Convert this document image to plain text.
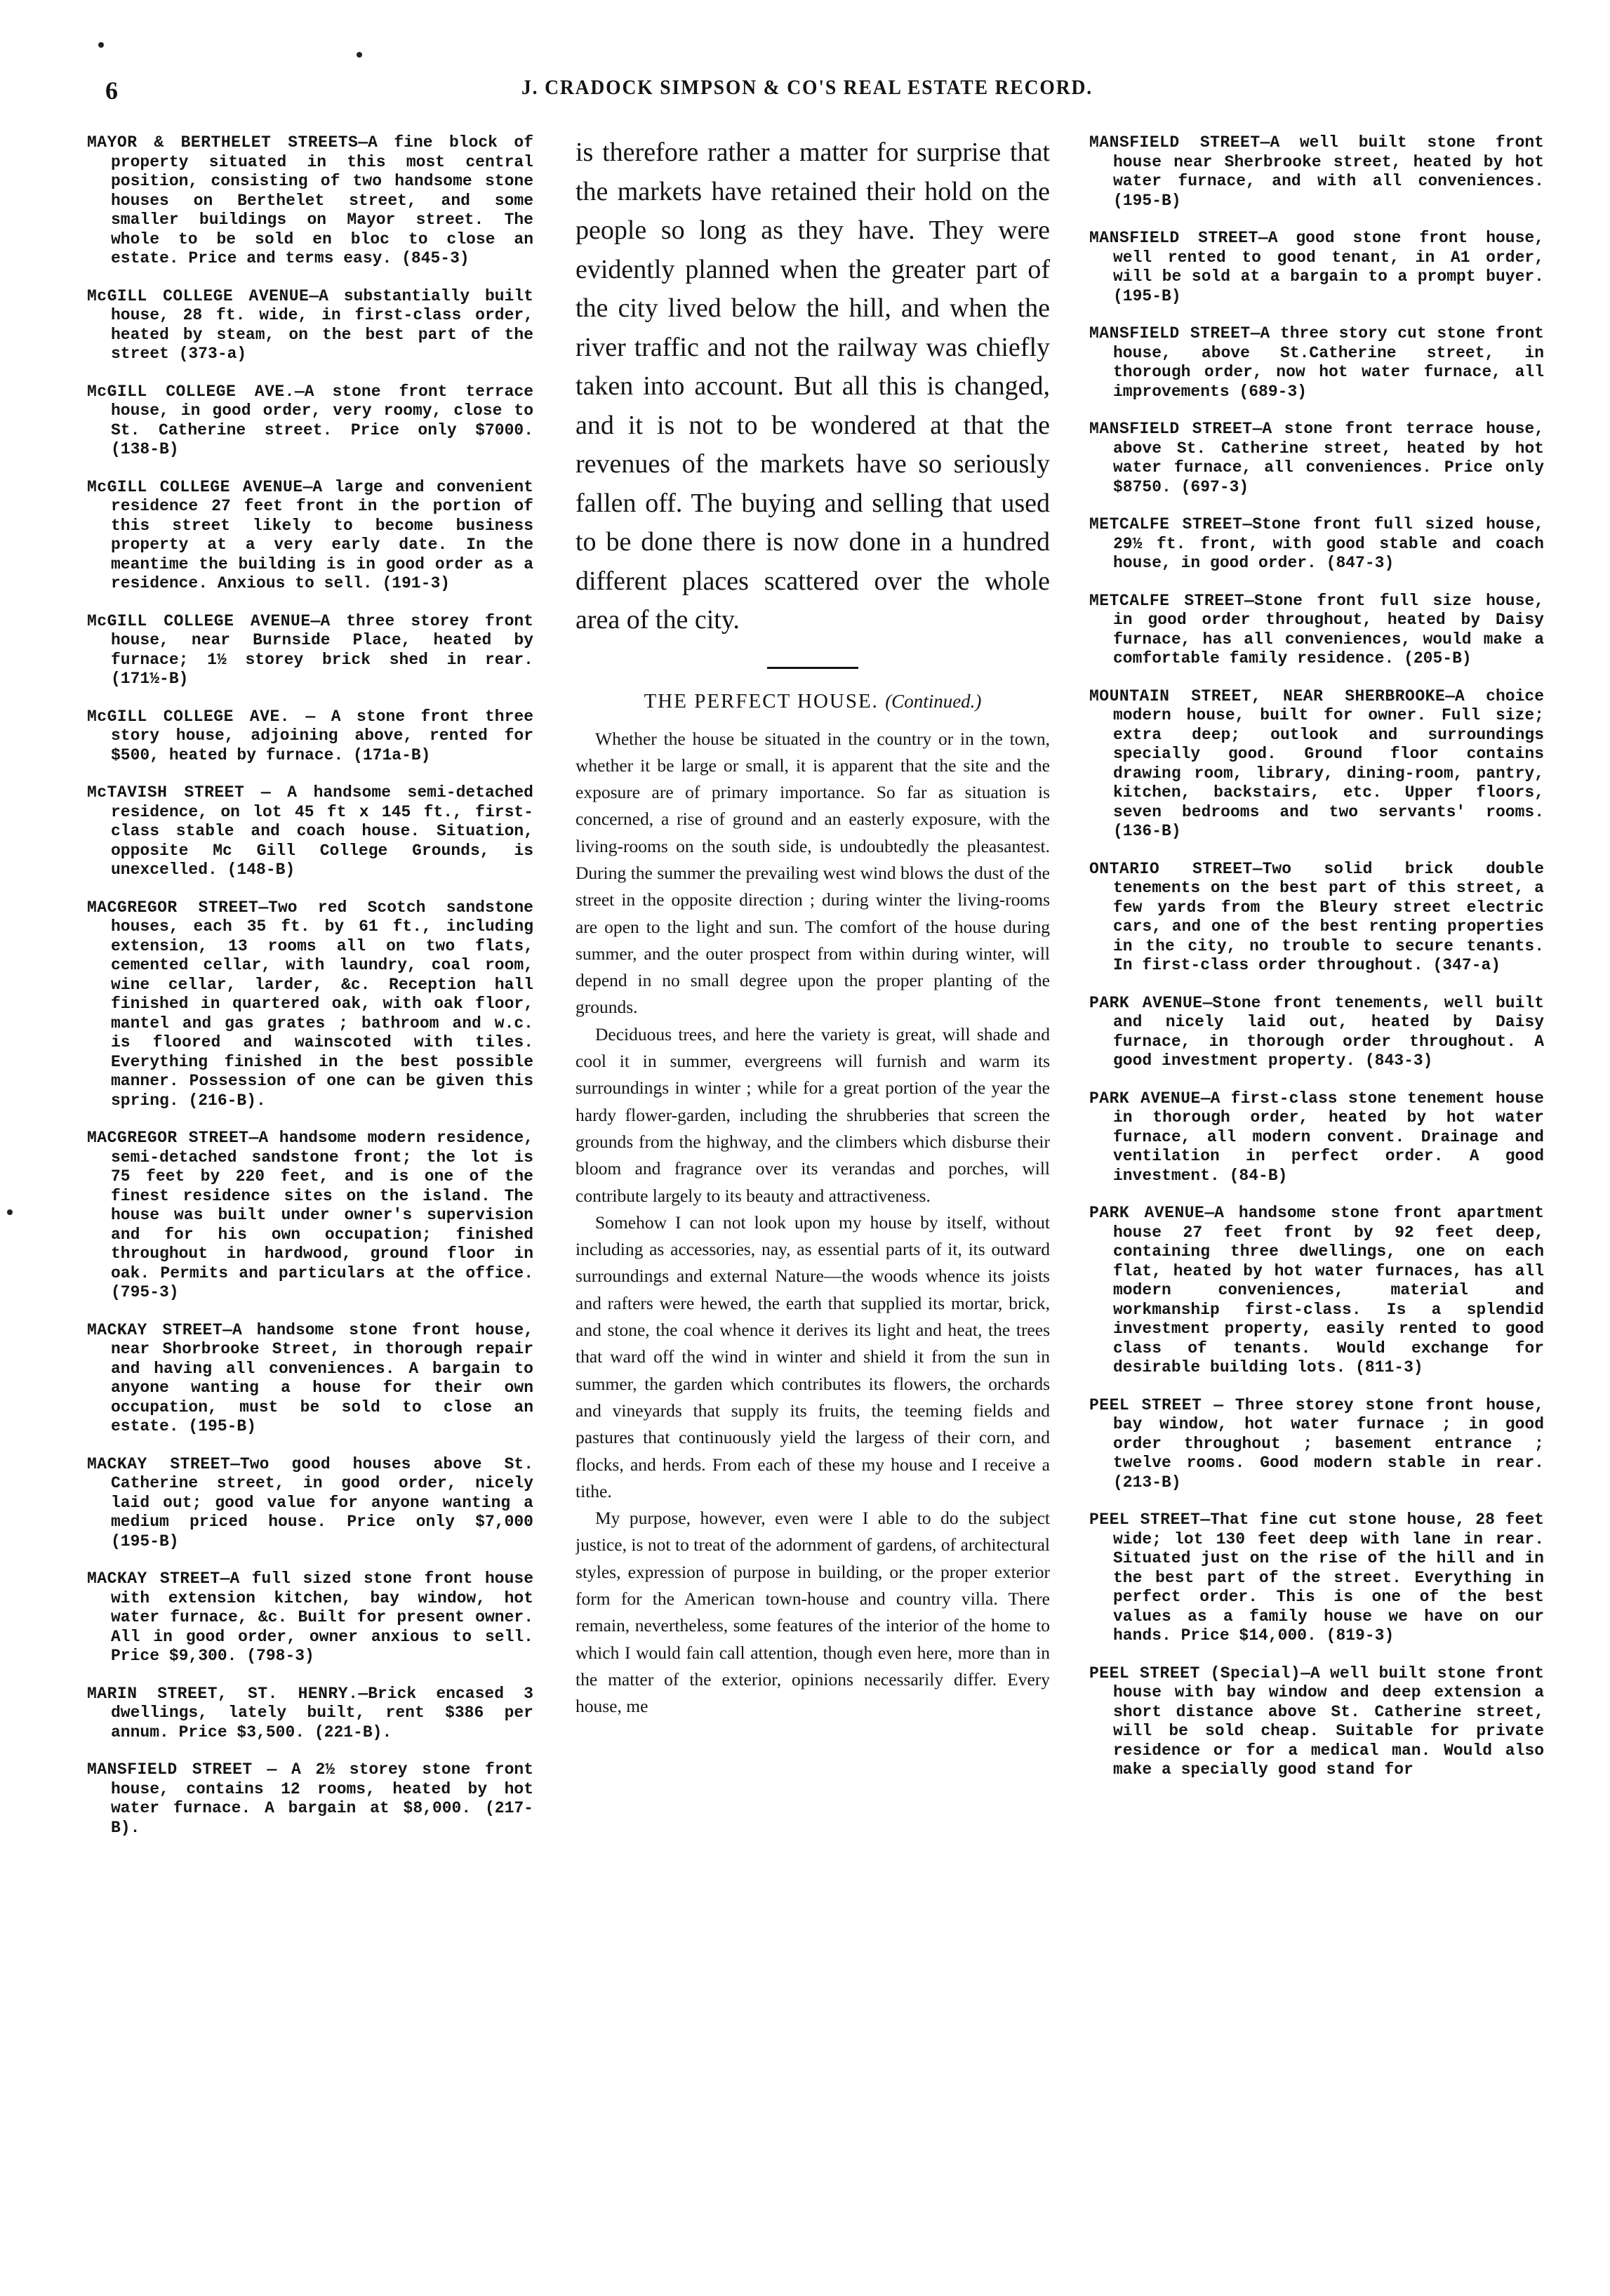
6	J. CRADOCK SIMPSON & CO'S REAL ESTATE RECORD.

MAYOR & BERTHELET STREETS—A fine block of property situated in this most central position, consisting of two handsome stone houses on Berthelet street, and some smaller buildings on Mayor street. The whole to be sold en bloc to close an estate. Price and terms easy. (845-3)

McGILL COLLEGE AVENUE—A substantially built house, 28 ft. wide, in first-class order, heated by steam, on the best part of the street (373-a)

McGILL COLLEGE AVE.—A stone front terrace house, in good order, very roomy, close to St. Catherine street. Price only $7000. (138-B)

McGILL COLLEGE AVENUE—A large and convenient residence 27 feet front in the portion of this street likely to become business property at a very early date. In the meantime the building is in good order as a residence. Anxious to sell. (191-3)

McGILL COLLEGE AVENUE—A three storey front house, near Burnside Place, heated by furnace; 1½ storey brick shed in rear. (171½-B)

McGILL COLLEGE AVE. — A stone front three story house, adjoining above, rented for $500, heated by furnace. (171a-B)

McTAVISH STREET — A handsome semi-detached residence, on lot 45 ft x 145 ft., first-class stable and coach house. Situation, opposite Mc Gill College Grounds, is unexcelled. (148-B)

MACGREGOR STREET—Two red Scotch sandstone houses, each 35 ft. by 61 ft., including extension, 13 rooms all on two flats, cemented cellar, with laundry, coal room, wine cellar, larder, &c. Reception hall finished in quartered oak, with oak floor, mantel and gas grates ; bathroom and w.c. is floored and wainscoted with tiles. Everything finished in the best possible manner. Possession of one can be given this spring. (216-B).

MACGREGOR STREET—A handsome modern residence, semi-detached sandstone front; the lot is 75 feet by 220 feet, and is one of the finest residence sites on the island. The house was built under owner's supervision and for his own occupation; finished throughout in hardwood, ground floor in oak. Permits and particulars at the office. (795-3)

MACKAY STREET—A handsome stone front house, near Shorbrooke Street, in thorough repair and having all conveniences. A bargain to anyone wanting a house for their own occupation, must be sold to close an estate. (195-B)

MACKAY STREET—Two good houses above St. Catherine street, in good order, nicely laid out; good value for anyone wanting a medium priced house. Price only $7,000 (195-B)

MACKAY STREET—A full sized stone front house with extension kitchen, bay window, hot water furnace, &c. Built for present owner. All in good order, owner anxious to sell. Price $9,300. (798-3)

MARIN STREET, ST. HENRY.—Brick encased 3 dwellings, lately built, rent $386 per annum. Price $3,500. (221-B).

MANSFIELD STREET — A 2½ storey stone front house, contains 12 rooms, heated by hot water furnace. A bargain at $8,000. (217-B).

is therefore rather a matter for surprise that the markets have retained their hold on the people so long as they have. They were evidently planned when the greater part of the city lived below the hill, and when the river traffic and not the railway was chiefly taken into account. But all this is changed, and it is not to be wondered at that the revenues of the markets have so seriously fallen off. The buying and selling that used to be done there is now done in a hundred different places scattered over the whole area of the city.

THE PERFECT HOUSE. (Continued.)

Whether the house be situated in the country or in the town, whether it be large or small, it is apparent that the site and the exposure are of primary importance. So far as situation is concerned, a rise of ground and an easterly exposure, with the living-rooms on the south side, is undoubtedly the pleasantest. During the summer the prevailing west wind blows the dust of the street in the opposite direction ; during winter the living-rooms are open to the light and sun. The comfort of the house during summer, and the outer prospect from within during winter, will depend in no small degree upon the proper planting of the grounds.

Deciduous trees, and here the variety is great, will shade and cool it in summer, evergreens will furnish and warm its surroundings in winter ; while for a great portion of the year the hardy flower-garden, including the shrubberies that screen the grounds from the highway, and the climbers which disburse their bloom and fragrance over its verandas and porches, will contribute largely to its beauty and attractiveness.

Somehow I can not look upon my house by itself, without including as accessories, nay, as essential parts of it, its outward surroundings and external Nature—the woods whence its joists and rafters were hewed, the earth that supplied its mortar, brick, and stone, the coal whence it derives its light and heat, the trees that ward off the wind in winter and shield it from the sun in summer, the garden which contributes its flowers, the orchards and vineyards that supply its fruits, the teeming fields and pastures that continuously yield the largess of their corn, and flocks, and herds. From each of these my house and I receive a tithe.

My purpose, however, even were I able to do the subject justice, is not to treat of the adornment of gardens, of architectural styles, expression of purpose in building, or the proper exterior form for the American town-house and country villa. There remain, nevertheless, some features of the interior of the home to which I would fain call attention, though even here, more than in the matter of the exterior, opinions necessarily differ. Every house, me

MANSFIELD STREET—A well built stone front house near Sherbrooke street, heated by hot water furnace, and with all conveniences. (195-B)

MANSFIELD STREET—A good stone front house, well rented to good tenant, in A1 order, will be sold at a bargain to a prompt buyer. (195-B)

MANSFIELD STREET—A three story cut stone front house, above St.Catherine street, in thorough order, now hot water furnace, all improvements (689-3)

MANSFIELD STREET—A stone front terrace house, above St. Catherine street, heated by hot water furnace, all conveniences. Price only $8750. (697-3)

METCALFE STREET—Stone front full sized house, 29½ ft. front, with good stable and coach house, in good order. (847-3)

METCALFE STREET—Stone front full size house, in good order throughout, heated by Daisy furnace, has all conveniences, would make a comfortable family residence. (205-B)

MOUNTAIN STREET, NEAR SHERBROOKE—A choice modern house, built for owner. Full size; extra deep; outlook and surroundings specially good. Ground floor contains drawing room, library, dining-room, pantry, kitchen, backstairs, etc. Upper floors, seven bedrooms and two servants' rooms. (136-B)

ONTARIO STREET—Two solid brick double tenements on the best part of this street, a few yards from the Bleury street electric cars, and one of the best renting properties in the city, no trouble to secure tenants. In first-class order throughout. (347-a)

PARK AVENUE—Stone front tenements, well built and nicely laid out, heated by Daisy furnace, in thorough order throughout. A good investment property. (843-3)

PARK AVENUE—A first-class stone tenement house in thorough order, heated by hot water furnace, all modern convent. Drainage and ventilation in perfect order. A good investment. (84-B)

PARK AVENUE—A handsome stone front apartment house 27 feet front by 92 feet deep, containing three dwellings, one on each flat, heated by hot water furnaces, has all modern conveniences, material and workmanship first-class. Is a splendid investment property, easily rented to good class of tenants. Would exchange for desirable building lots. (811-3)

PEEL STREET — Three storey stone front house, bay window, hot water furnace ; in good order throughout ; basement entrance ; twelve rooms. Good modern stable in rear. (213-B)

PEEL STREET—That fine cut stone house, 28 feet wide; lot 130 feet deep with lane in rear. Situated just on the rise of the hill and in the best part of the street. Everything in perfect order. This is one of the best values as a family house we have on our hands. Price $14,000. (819-3)

PEEL STREET (Special)—A well built stone front house with bay window and deep extension a short distance above St. Catherine street, will be sold cheap. Suitable for private residence or for a medical man. Would also make a specially good stand for
